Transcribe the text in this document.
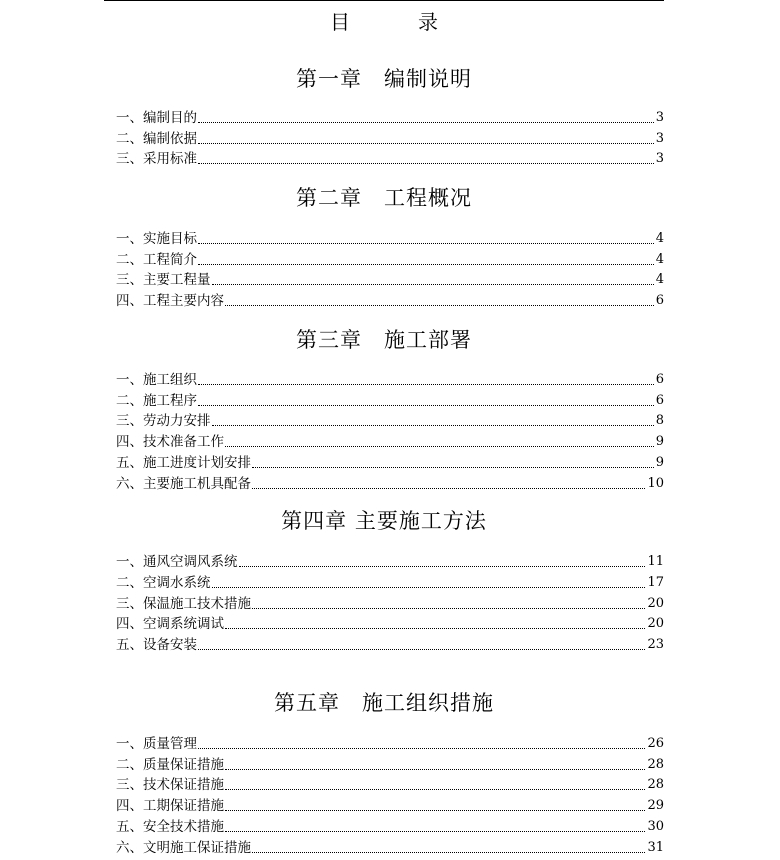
目　录
第一章　编制说明
一、编制目的	3
二、编制依据	3
三、采用标准	3
第二章　工程概况
一、实施目标	4
二、工程简介	4
三、主要工程量	4
四、工程主要内容	6
第三章　施工部署
一、施工组织	6
二、施工程序	6
三、劳动力安排	8
四、技术准备工作	9
五、施工进度计划安排	9
六、主要施工机具配备	10
第四章 主要施工方法
一、通风空调风系统	11
二、空调水系统	17
三、保温施工技术措施	20
四、空调系统调试	20
五、设备安装	23
第五章　施工组织措施
一、质量管理	26
二、质量保证措施	28
三、技术保证措施	28
四、工期保证措施	29
五、安全技术措施	30
六、文明施工保证措施	31
